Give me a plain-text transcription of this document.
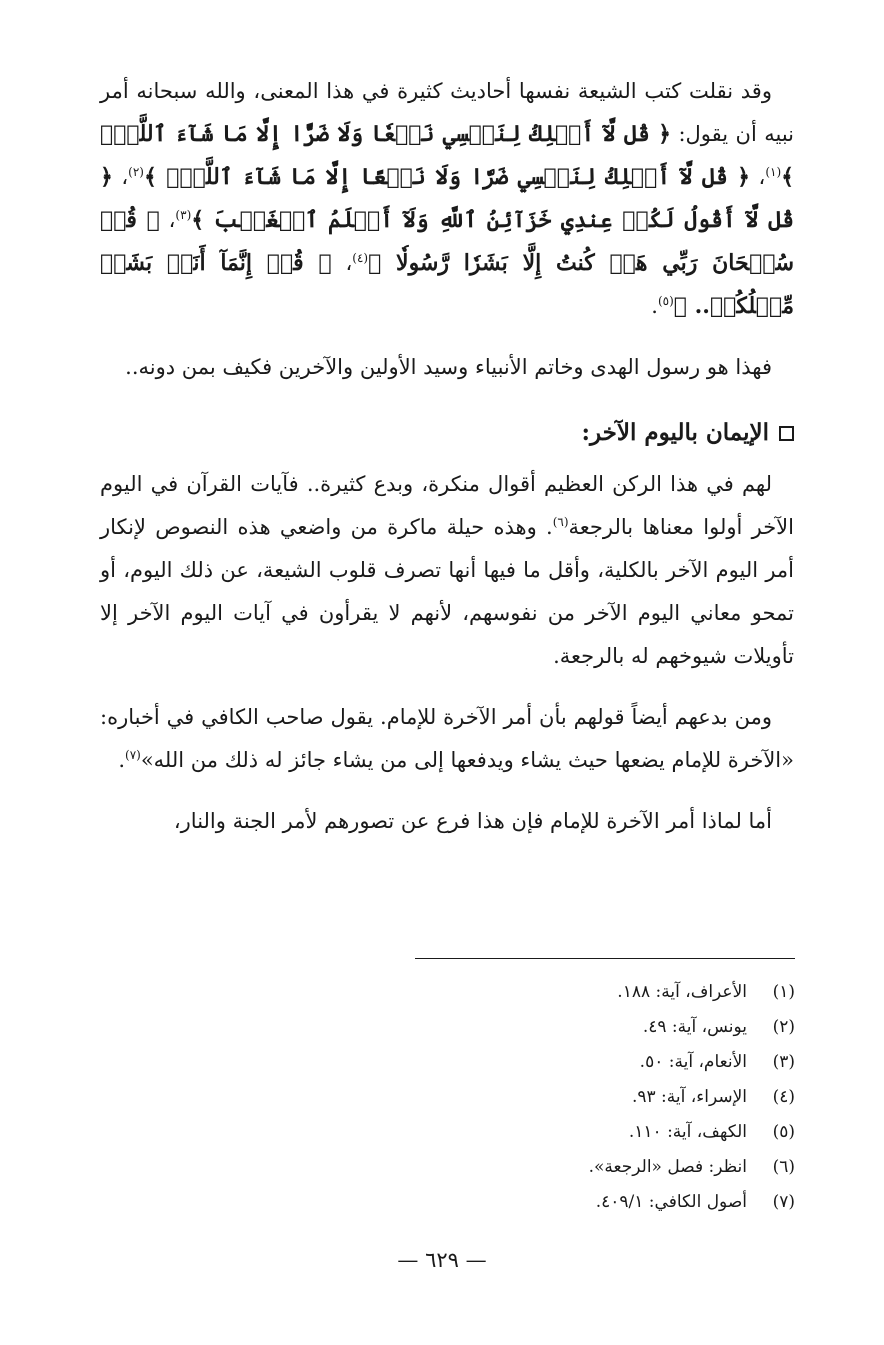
وقد نقلت كتب الشيعة نفسها أحاديث كثيرة في هذا المعنى، والله سبحانه أمر نبيه أن يقول: ﴿ قُل لَّآ أَمۡلِكُ لِنَفۡسِي نَفۡعٗا وَلَا ضَرًّا إِلَّا مَا شَآءَ ٱللَّهُۚ ﴾$^{(١)}$، ﴿ قُل لَّآ أَمۡلِكُ لِنَفۡسِي ضَرّٗا وَلَا نَفۡعًا إِلَّا مَا شَآءَ ٱللَّهُۗ ﴾$^{(٢)}$، ﴿ قُل لَّآ أَقُولُ لَكُمۡ عِندِي خَزَآئِنُ ٱللَّهِ وَلَآ أَعۡلَمُ ٱلۡغَيۡبَ ﴾$^{(٣)}$، ﴿ قُلۡ سُبۡحَانَ رَبِّي هَلۡ كُنتُ إِلَّا بَشَرٗا رَّسُولٗا ﴾$^{(٤)}$، ﴿ قُلۡ إِنَّمَآ أَنَا۠ بَشَرٞ مِّثۡلُكُمۡ.. ﴾$^{(٥)}$.

فهذا هو رسول الهدى وخاتم الأنبياء وسيد الأولين والآخرين فكيف بمن دونه..

الإيمان باليوم الآخر:

لهم في هذا الركن العظيم أقوال منكرة، وبدع كثيرة.. فآيات القرآن في اليوم الآخر أولوا معناها بالرجعة$^{(٦)}$. وهذه حيلة ماكرة من واضعي هذه النصوص لإنكار أمر اليوم الآخر بالكلية، وأقل ما فيها أنها تصرف قلوب الشيعة، عن ذلك اليوم، أو تمحو معاني اليوم الآخر من نفوسهم، لأنهم لا يقرأون في آيات اليوم الآخر إلا تأويلات شيوخهم له بالرجعة.

ومن بدعهم أيضاً قولهم بأن أمر الآخرة للإمام. يقول صاحب الكافي في أخباره: «الآخرة للإمام يضعها حيث يشاء ويدفعها إلى من يشاء جائز له ذلك من الله»$^{(٧)}$.

أما لماذا أمر الآخرة للإمام فإن هذا فرع عن تصورهم لأمر الجنة والنار،

(١)
الأعراف، آية: ١٨٨.
(٢)
يونس، آية: ٤٩.
(٣)
الأنعام، آية: ٥٠.
(٤)
الإسراء، آية: ٩٣.
(٥)
الكهف، آية: ١١٠.
(٦)
انظر: فصل «الرجعة».
(٧)
أصول الكافي: ٤٠٩/١.
— ٦٢٩ —
